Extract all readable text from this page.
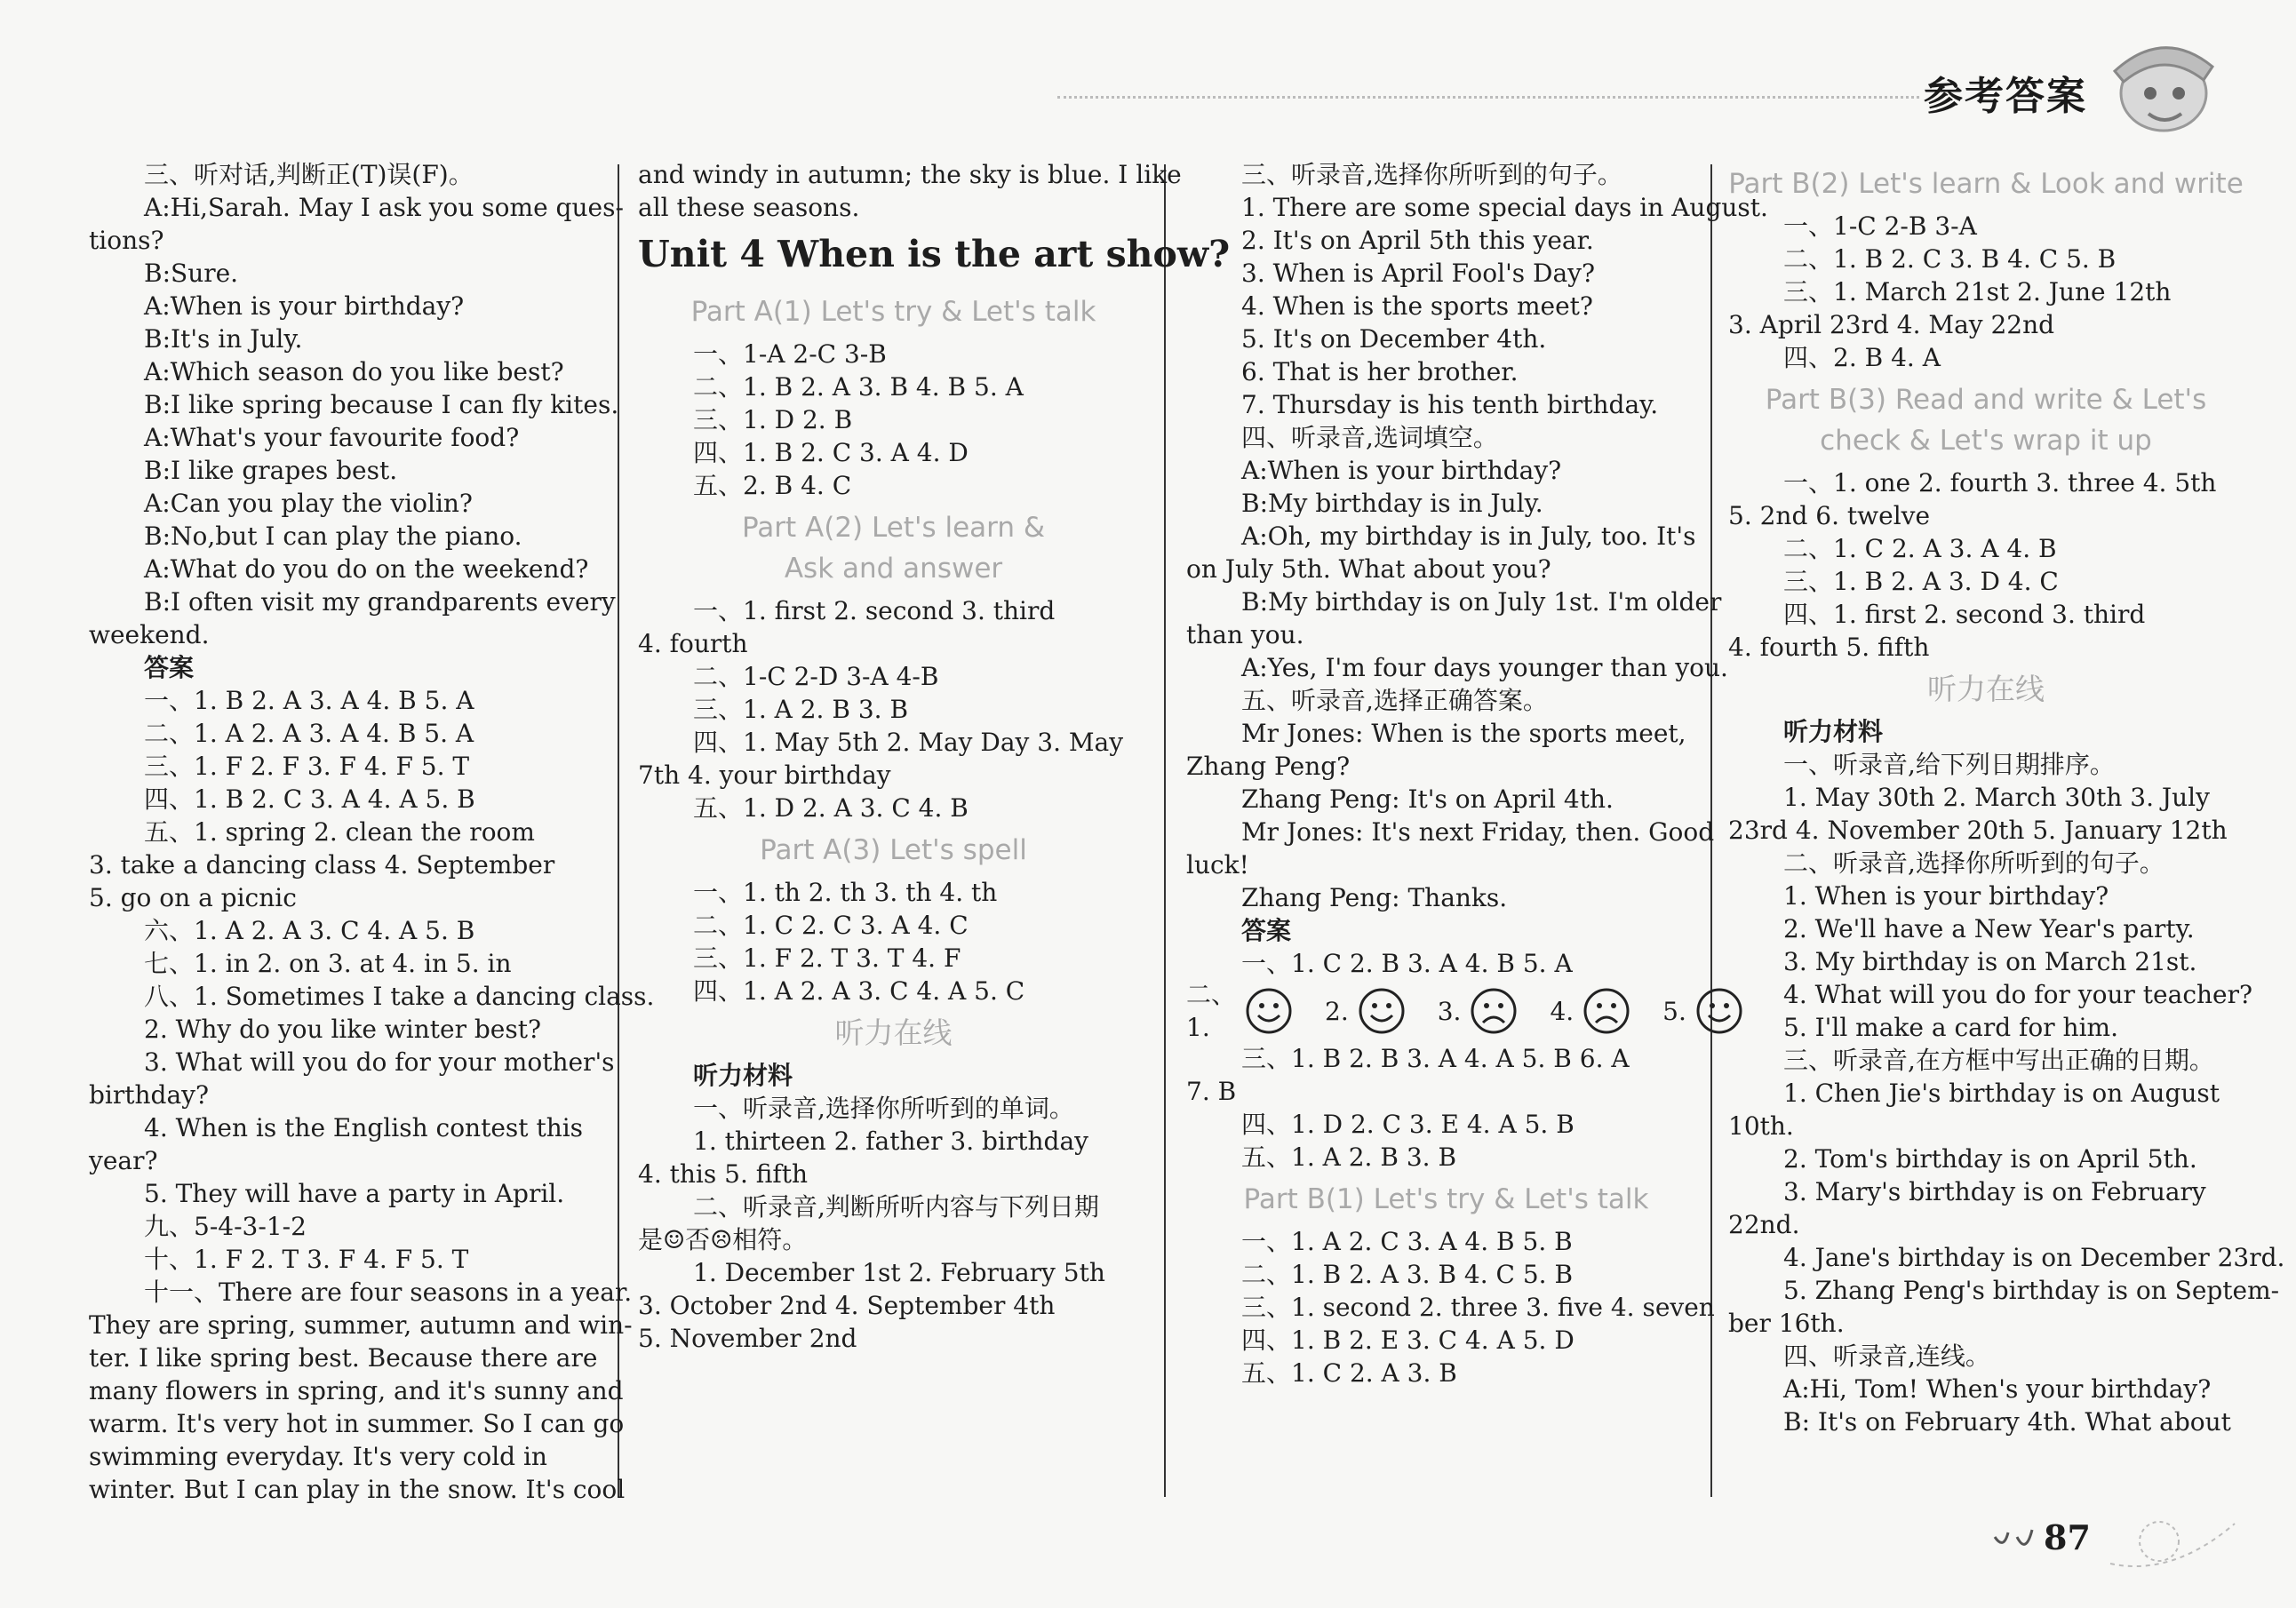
参考答案
三、听对话,判断正(T)误(F)。
A:Hi,Sarah. May I ask you some ques-
tions?
B:Sure.
A:When is your birthday?
B:It's in July.
A:Which season do you like best?
B:I like spring because I can fly kites.
A:What's your favourite food?
B:I like grapes best.
A:Can you play the violin?
B:No,but I can play the piano.
A:What do you do on the weekend?
B:I often visit my grandparents every
weekend.
答案
一、1. B 2. A 3. A 4. B 5. A
二、1. A 2. A 3. A 4. B 5. A
三、1. F 2. F 3. F 4. F 5. T
四、1. B 2. C 3. A 4. A 5. B
五、1. spring 2. clean the room
3. take a dancing class 4. September
5. go on a picnic
六、1. A 2. A 3. C 4. A 5. B
七、1. in 2. on 3. at 4. in 5. in
八、1. Sometimes I take a dancing class.
2. Why do you like winter best?
3. What will you do for your mother's
birthday?
4. When is the English contest this
year?
5. They will have a party in April.
九、5-4-3-1-2
十、1. F 2. T 3. F 4. F 5. T
十一、There are four seasons in a year.
They are spring, summer, autumn and win-
ter. I like spring best. Because there are
many flowers in spring, and it's sunny and
warm. It's very hot in summer. So I can go
swimming everyday. It's very cold in
winter. But I can play in the snow. It's cool
and windy in autumn; the sky is blue. I like
all these seasons.
Unit 4 When is the art show?
Part A(1) Let's try & Let's talk
一、1-A 2-C 3-B
二、1. B 2. A 3. B 4. B 5. A
三、1. D 2. B
四、1. B 2. C 3. A 4. D
五、2. B 4. C
Part A(2) Let's learn &
Ask and answer
一、1. first 2. second 3. third
4. fourth
二、1-C 2-D 3-A 4-B
三、1. A 2. B 3. B
四、1. May 5th 2. May Day 3. May
7th 4. your birthday
五、1. D 2. A 3. C 4. B
Part A(3) Let's spell
一、1. th 2. th 3. th 4. th
二、1. C 2. C 3. A 4. C
三、1. F 2. T 3. T 4. F
四、1. A 2. A 3. C 4. A 5. C
听力在线
听力材料
一、听录音,选择你所听到的单词。
1. thirteen 2. father 3. birthday
4. this 5. fifth
二、听录音,判断所听内容与下列日期
是☺否☹相符。
1. December 1st 2. February 5th
3. October 2nd 4. September 4th
5. November 2nd
三、听录音,选择你所听到的句子。
1. There are some special days in August.
2. It's on April 5th this year.
3. When is April Fool's Day?
4. When is the sports meet?
5. It's on December 4th.
6. That is her brother.
7. Thursday is his tenth birthday.
四、听录音,选词填空。
A:When is your birthday?
B:My birthday is in July.
A:Oh, my birthday is in July, too. It's
on July 5th. What about you?
B:My birthday is on July 1st. I'm older
than you.
A:Yes, I'm four days younger than you.
五、听录音,选择正确答案。
Mr Jones: When is the sports meet,
Zhang Peng?
Zhang Peng: It's on April 4th.
Mr Jones: It's next Friday, then. Good
luck!
Zhang Peng: Thanks.
答案
一、1. C 2. B 3. A 4. B 5. A
二、1.
2.	3.	4.	5.
三、1. B 2. B 3. A 4. A 5. B 6. A
7. B
四、1. D 2. C 3. E 4. A 5. B
五、1. A 2. B 3. B
Part B(1) Let's try & Let's talk
一、1. A 2. C 3. A 4. B 5. B
二、1. B 2. A 3. B 4. C 5. B
三、1. second 2. three 3. five 4. seven
四、1. B 2. E 3. C 4. A 5. D
五、1. C 2. A 3. B
Part B(2) Let's learn & Look and write
一、1-C 2-B 3-A
二、1. B 2. C 3. B 4. C 5. B
三、1. March 21st 2. June 12th
3. April 23rd 4. May 22nd
四、2. B 4. A
Part B(3) Read and write & Let's
check & Let's wrap it up
一、1. one 2. fourth 3. three 4. 5th
5. 2nd 6. twelve
二、1. C 2. A 3. A 4. B
三、1. B 2. A 3. D 4. C
四、1. first 2. second 3. third
4. fourth 5. fifth
听力在线
听力材料
一、听录音,给下列日期排序。
1. May 30th 2. March 30th 3. July
23rd 4. November 20th 5. January 12th
二、听录音,选择你所听到的句子。
1. When is your birthday?
2. We'll have a New Year's party.
3. My birthday is on March 21st.
4. What will you do for your teacher?
5. I'll make a card for him.
三、听录音,在方框中写出正确的日期。
1. Chen Jie's birthday is on August
10th.
2. Tom's birthday is on April 5th.
3. Mary's birthday is on February
22nd.
4. Jane's birthday is on December 23rd.
5. Zhang Peng's birthday is on Septem-
ber 16th.
四、听录音,连线。
A:Hi, Tom! When's your birthday?
B: It's on February 4th. What about
87
